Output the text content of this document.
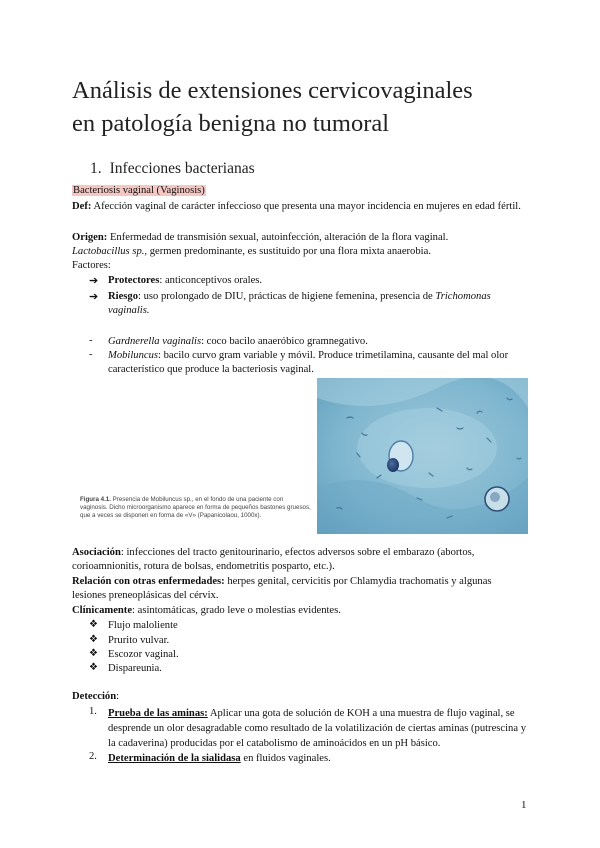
Análisis de extensiones cervicovaginales
en patología benigna no tumoral
1. Infecciones bacterianas
Bacteriosis vaginal (Vaginosis)
Def: Afección vaginal de carácter infeccioso que presenta una mayor incidencia en mujeres en edad fértil.
Origen: Enfermedad de transmisión sexual, autoinfección, alteración de la flora vaginal.
Lactobacillus sp., germen predominante, es sustituido por una flora mixta anaerobia.
Factores:
➔ Protectores: anticonceptivos orales.
➔ Riesgo: uso prolongado de DIU, prácticas de higiene femenina, presencia de Trichomonas vaginalis.
- Gardnerella vaginalis: coco bacilo anaeróbico gramnegativo.
- Mobiluncus: bacilo curvo gram variable y móvil. Produce trimetilamina, causante del mal olor característico que produce la bacteriosis vaginal.
Figura 4.1. Presencia de Mobiluncus sp., en el fondo de una paciente con vaginosis. Dicho microorganismo aparece en forma de pequeños bastones gruesos, que a veces se disponen en forma de «V» (Papanicolaou, 1000x).
Asociación: infecciones del tracto genitourinario, efectos adversos sobre el embarazo (abortos, corioamnionitis, rotura de bolsas, endometritis posparto, etc.).
Relación con otras enfermedades: herpes genital, cervicitis por Chlamydia trachomatis y algunas lesiones preneoplásicas del cérvix.
Clínicamente: asintomáticas, grado leve o molestias evidentes.
❖ Flujo maloliente
❖ Prurito vulvar.
❖ Escozor vaginal.
❖ Dispareunia.
Detección:
1. Prueba de las aminas: Aplicar una gota de solución de KOH a una muestra de flujo vaginal, se desprende un olor desagradable como resultado de la volatilización de ciertas aminas (putrescina y la cadaverina) producidas por el catabolismo de aminoácidos en un pH básico.
2. Determinación de la sialidasa en fluidos vaginales.
1
